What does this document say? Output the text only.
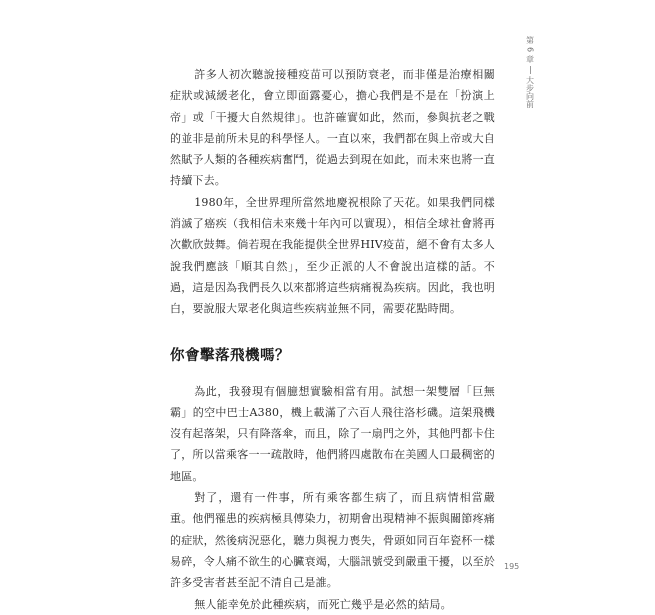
第
6
章
大步向前

許多人初次聽說接種疫苗可以預防衰老，而非僅是治療相關症狀或減緩老化，會立即面露憂心，擔心我們是不是在「扮演上帝」或「干擾大自然規律」。也許確實如此，然而，參與抗老之戰的並非是前所未見的科學怪人。一直以來，我們都在與上帝或大自然賦予人類的各種疾病奮鬥，從過去到現在如此，而未來也將一直持續下去。

1980年，全世界理所當然地慶祝根除了天花。如果我們同樣消滅了癌疾（我相信未來幾十年內可以實現），相信全球社會將再次歡欣鼓舞。倘若現在我能提供全世界HIV疫苗，絕不會有太多人說我們應該「順其自然」，至少正派的人不會說出這樣的話。不過，這是因為我們長久以來都將這些病痛視為疾病。因此，我也明白，要說服大眾老化與這些疾病並無不同，需要花點時間。

你會擊落飛機嗎？

為此，我發現有個臆想實驗相當有用。試想一架雙層「巨無霸」的空中巴士A380，機上載滿了六百人飛往洛杉磯。這架飛機沒有起落架，只有降落傘，而且，除了一扇門之外，其他門都卡住了，所以當乘客一一疏散時，他們將四處散布在美國人口最稠密的地區。

對了，還有一件事，所有乘客都生病了，而且病情相當嚴重。他們罹患的疾病極具傳染力，初期會出現精神不振與關節疼痛的症狀，然後病況惡化，聽力與視力喪失，骨頭如同百年瓷杯一樣易碎，令人痛不欲生的心臟衰竭，大腦訊號受到嚴重干擾，以至於許多受害者甚至記不清自己是誰。

無人能幸免於此種疾病，而死亡幾乎是必然的結局。

195
